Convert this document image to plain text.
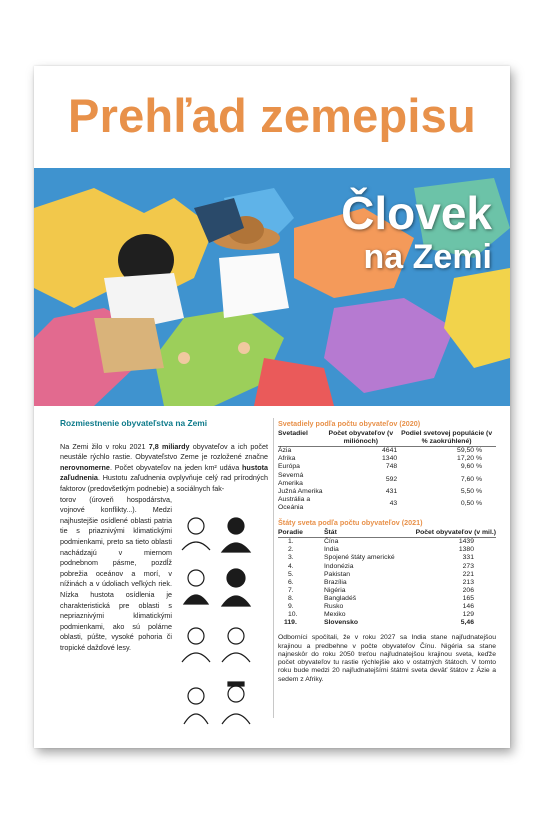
Prehľad zemepisu
Človek
na Zemi
Rozmiestnenie obyvateľstva na Zemi

Na Zemi žilo v roku 2021 7,8 miliardy obyvateľov a ich počet neustále rýchlo rastie. Obyvateľstvo Zeme je rozložené značne nerovnomerne. Počet obyvateľov na jeden km² udáva hustota zaľudnenia. Hustotu zaľudnenia ovplyvňuje celý rad prírodných faktorov (predovšetkým podnebie) a sociálnych fak-

torov (úroveň hospodárstva, vojnové konflikty...). Medzi najhustejšie osídlené oblasti patria tie s priaznivými klimatickými podmienkami, preto sa tieto oblasti nachádzajú v miernom podnebnom pásme, pozdĺž pobrežia oceánov a morí, v nížinách a v údoliach veľkých riek. Nízka hustota osídlenia je charakteristická pre oblasti s nepriaznivými klimatickými podmienkami, ako sú polárne oblasti, púšte, vysoké pohoria či tropické dažďové lesy.

Svetadiely podľa počtu obyvateľov (2020)
Svetadiel	Počet obyvateľov (v miliónoch)	Podiel svetovej populácie (v % zaokrúhlené)
Ázia	4641	59,50 %
Afrika	1340	17,20 %
Európa	748	9,60 %
Severná Amerika	592	7,60 %
Južná Amerika	431	5,50 %
Austrália a Oceánia	43	0,50 %
Štáty sveta podľa počtu obyvateľov (2021)
Poradie	Štát	Počet obyvateľov (v mil.)
1.	Čína	1439
2.	India	1380
3.	Spojené štáty americké	331
4.	Indonézia	273
5.	Pakistan	221
6.	Brazília	213
7.	Nigéria	206
8.	Bangladéš	165
9.	Rusko	146
10.	Mexiko	129
119.	Slovensko	5,46
Odborníci spočítali, že v roku 2027 sa India stane najľudnatejšou krajinou a predbehne v počte obyvateľov Čínu. Nigéria sa stane najneskôr do roku 2050 treťou najľudnatejšou krajinou sveta, keďže počet obyvateľov tu rastie rýchlejšie ako v ostatných štátoch. V tomto roku bude medzi 20 najľudnatejšími štátmi sveta deväť štátov z Ázie a sedem z Afriky.
